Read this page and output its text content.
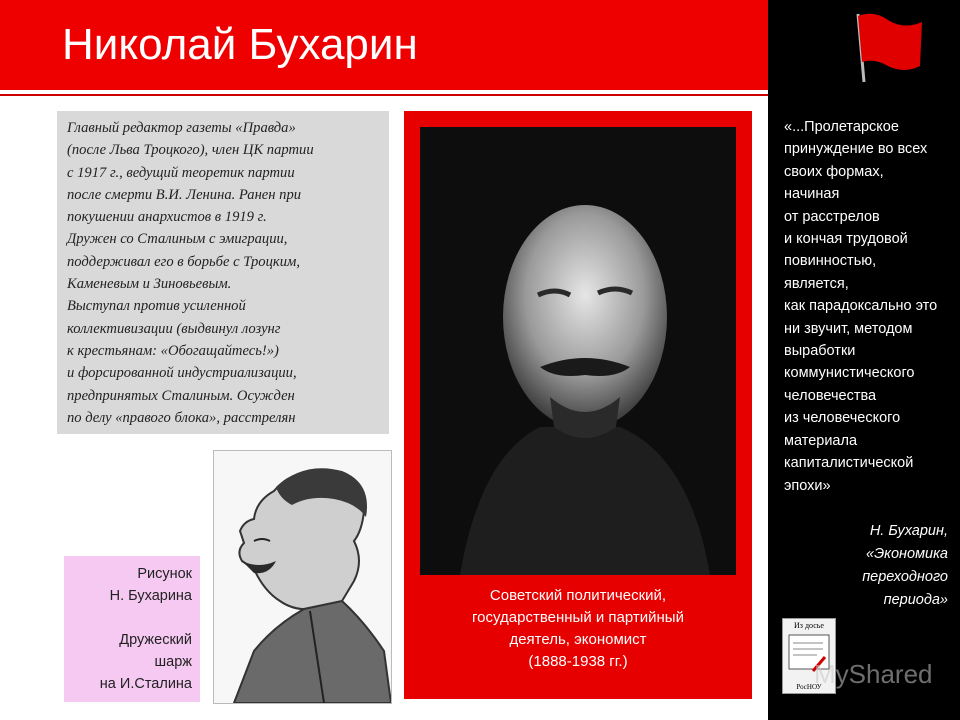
Николай Бухарин
Главный редактор газеты «Правда»
(после Льва Троцкого), член ЦК партии
с 1917 г., ведущий теоретик партии
после смерти В.И. Ленина. Ранен при
покушении анархистов в 1919 г.
Дружен со Сталиным с эмиграции,
поддерживал его в борьбе с Троцким,
Каменевым и Зиновьевым.
Выступал против усиленной
коллективизации (выдвинул лозунг
к крестьянам: «Обогащайтесь!»)
и форсированной индустриализации,
предпринятых Сталиным. Осужден
по делу «правого блока», расстрелян
Рисунок
Н. Бухарина
Дружеский
шарж
на И.Сталина
Советский политический,
государственный и партийный
деятель, экономист
(1888-1938 гг.)
«...Пролетарское
принуждение во всех
своих формах,
начиная
от расстрелов
и кончая трудовой
повинностью,
является,
как парадоксально это
ни звучит, методом
выработки
коммунистического
человечества
из человеческого
материала
капиталистической
эпохи»
Н. Бухарин,
«Экономика
переходного
периода»
Из досье
РосНОУ
MyShared
